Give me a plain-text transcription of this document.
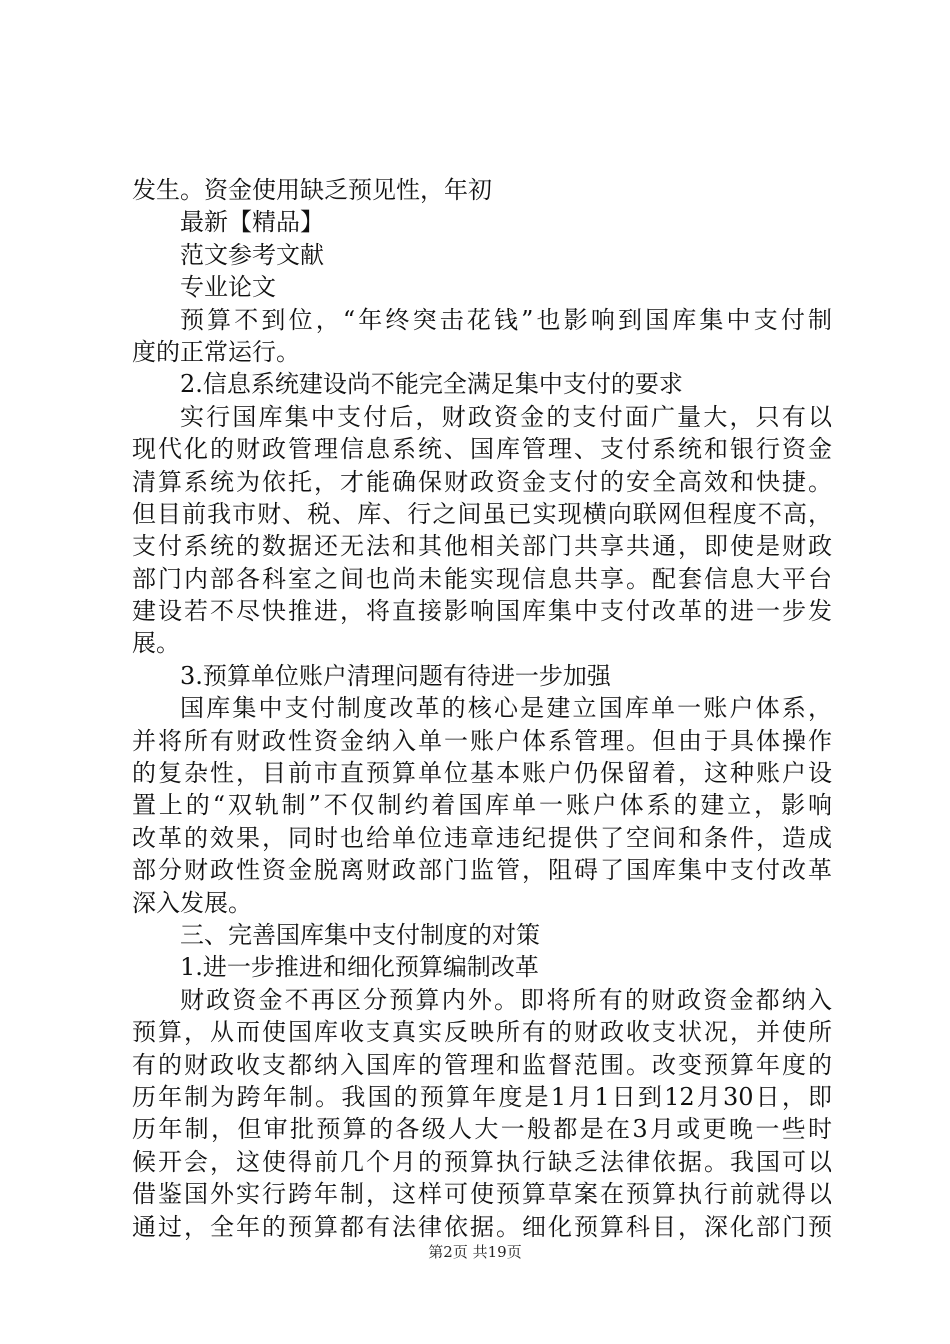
发生。资金使用缺乏预见性，年初
最新【精品】
范文参考文献
专业论文
预算不到位，“年终突击花钱”也影响到国库集中支付制
度的正常运行。
2.信息系统建设尚不能完全满足集中支付的要求
实行国库集中支付后，财政资金的支付面广量大，只有以
现代化的财政管理信息系统、国库管理、支付系统和银行资金
清算系统为依托，才能确保财政资金支付的安全高效和快捷。
但目前我市财、税、库、行之间虽已实现横向联网但程度不高，
支付系统的数据还无法和其他相关部门共享共通，即使是财政
部门内部各科室之间也尚未能实现信息共享。配套信息大平台
建设若不尽快推进，将直接影响国库集中支付改革的进一步发
展。
3.预算单位账户清理问题有待进一步加强
国库集中支付制度改革的核心是建立国库单一账户体系，
并将所有财政性资金纳入单一账户体系管理。但由于具体操作
的复杂性，目前市直预算单位基本账户仍保留着，这种账户设
置上的“双轨制”不仅制约着国库单一账户体系的建立，影响
改革的效果，同时也给单位违章违纪提供了空间和条件，造成
部分财政性资金脱离财政部门监管，阻碍了国库集中支付改革
深入发展。
三、完善国库集中支付制度的对策
1.进一步推进和细化预算编制改革
财政资金不再区分预算内外。即将所有的财政资金都纳入
预算，从而使国库收支真实反映所有的财政收支状况，并使所
有的财政收支都纳入国库的管理和监督范围。改变预算年度的
历年制为跨年制。我国的预算年度是1月1日到12月30日，即
历年制，但审批预算的各级人大一般都是在3月或更晚一些时
候开会，这使得前几个月的预算执行缺乏法律依据。我国可以
借鉴国外实行跨年制，这样可使预算草案在预算执行前就得以
通过，全年的预算都有法律依据。细化预算科目，深化部门预
第2页 共19页
